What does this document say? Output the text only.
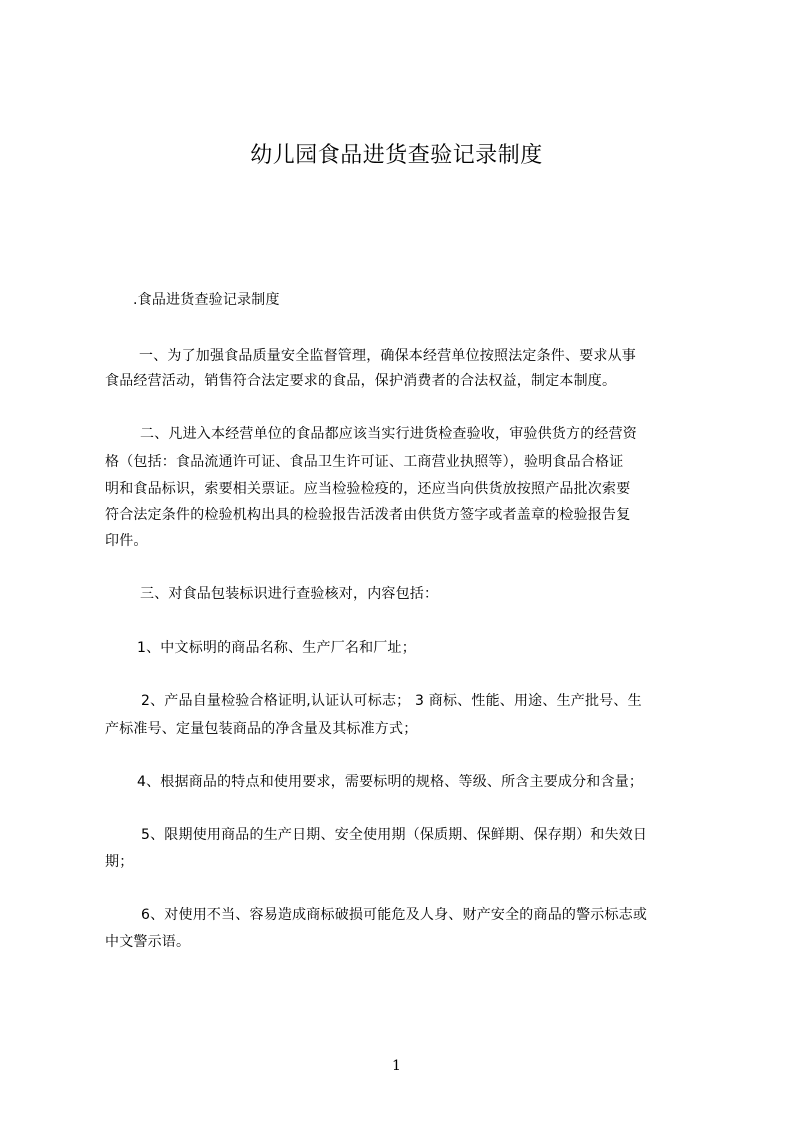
幼儿园食品进货查验记录制度
.食品进货查验记录制度
一、为了加强食品质量安全监督管理，确保本经营单位按照法定条件、要求从事
食品经营活动，销售符合法定要求的食品，保护消费者的合法权益，制定本制度。
二、凡进入本经营单位的食品都应该当实行进货检查验收，审验供货方的经营资
格（包括：食品流通许可证、食品卫生许可证、工商营业执照等），验明食品合格证
明和食品标识，索要相关票证。应当检验检疫的，还应当向供货放按照产品批次索要
符合法定条件的检验机构出具的检验报告活泼者由供货方签字或者盖章的检验报告复
印件。
三、对食品包装标识进行查验核对，内容包括：
1、中文标明的商品名称、生产厂名和厂址；
2、产品自量检验合格证明,认证认可标志； 3 商标、性能、用途、生产批号、生
产标准号、定量包装商品的净含量及其标准方式；
4、根据商品的特点和使用要求，需要标明的规格、等级、所含主要成分和含量；
5、限期使用商品的生产日期、安全使用期（保质期、保鲜期、保存期）和失效日
期；
6、对使用不当、容易造成商标破损可能危及人身、财产安全的商品的警示标志或
中文警示语。
1
